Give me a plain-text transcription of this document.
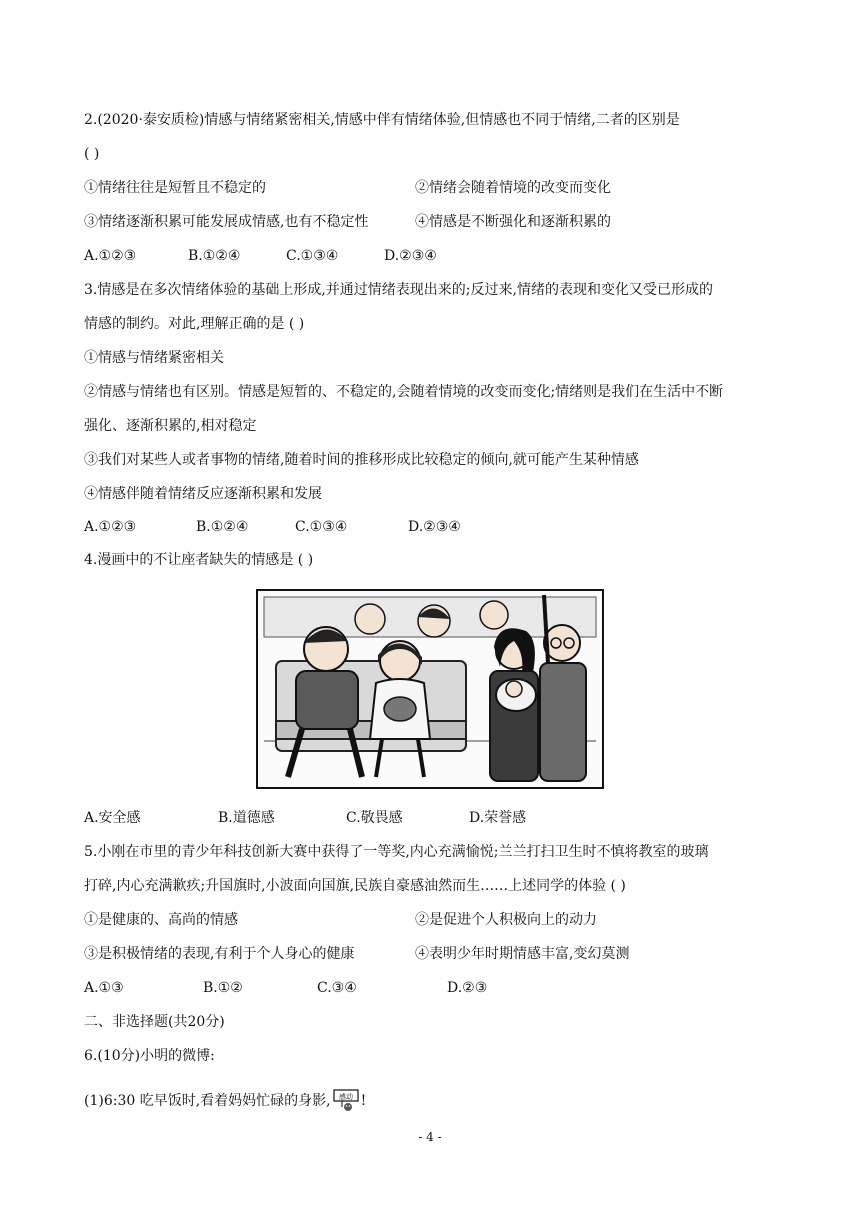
2.(2020·泰安质检)情感与情绪紧密相关,情感中伴有情绪体验,但情感也不同于情绪,二者的区别是
( )
①情绪往往是短暂且不稳定的	②情绪会随着情境的改变而变化
③情绪逐渐积累可能发展成情感,也有不稳定性	④情感是不断强化和逐渐积累的
A.①②③	B.①②④	C.①③④	D.②③④
3.情感是在多次情绪体验的基础上形成,并通过情绪表现出来的;反过来,情绪的表现和变化又受已形成的
情感的制约。对此,理解正确的是 ( )
①情感与情绪紧密相关
②情感与情绪也有区别。情感是短暂的、不稳定的,会随着情境的改变而变化;情绪则是我们在生活中不断
强化、逐渐积累的,相对稳定
③我们对某些人或者事物的情绪,随着时间的推移形成比较稳定的倾向,就可能产生某种情感
④情感伴随着情绪反应逐渐积累和发展
A.①②③	B.①②④	C.①③④	D.②③④
4.漫画中的不让座者缺失的情感是 ( )
A.安全感	B.道德感	C.敬畏感	D.荣誉感
5.小刚在市里的青少年科技创新大赛中获得了一等奖,内心充满愉悦;兰兰打扫卫生时不慎将教室的玻璃
打碎,内心充满歉疚;升国旗时,小波面向国旗,民族自豪感油然而生……上述同学的体验 ( )
①是健康的、高尚的情感	②是促进个人积极向上的动力
③是积极情绪的表现,有利于个人身心的健康	④表明少年时期情感丰富,变幻莫测
A.①③	B.①②	C.③④	D.②③
二、非选择题(共20分)
6.(10分)小明的微博:
(1)6:30 吃早饭时,看着妈妈忙碌的身影, 感动 !
- 4 -
